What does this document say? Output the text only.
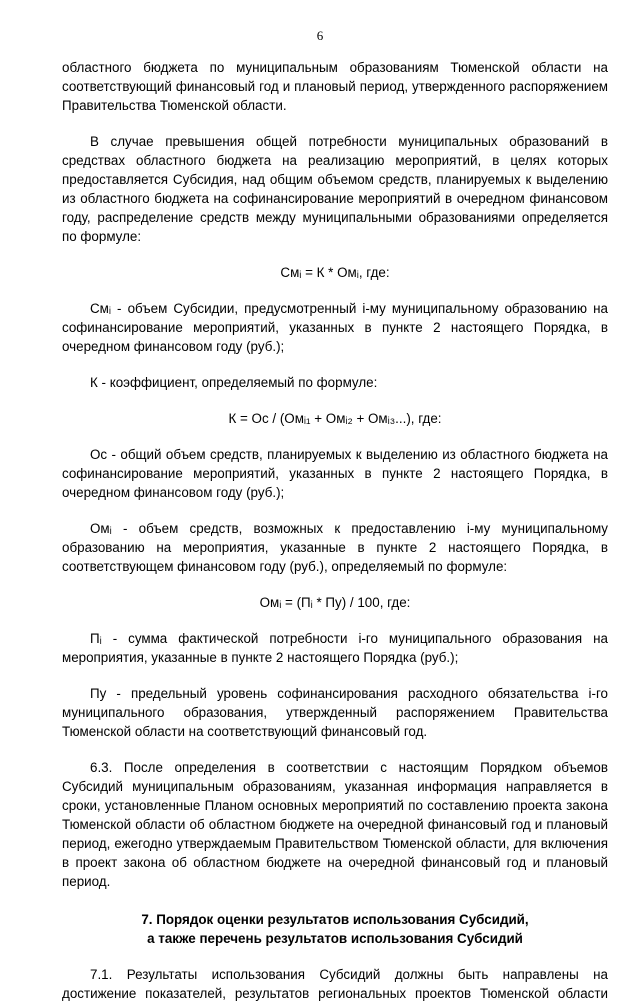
6

областного бюджета по муниципальным образованиям Тюменской области на соответствующий финансовый год и плановый период, утвержденного распоряжением Правительства Тюменской области.

В случае превышения общей потребности муниципальных образований в средствах областного бюджета на реализацию мероприятий, в целях которых предоставляется Субсидия, над общим объемом средств, планируемых к выделению из областного бюджета на софинансирование мероприятий в очередном финансовом году, распределение средств между муниципальными образованиями определяется по формуле:

Смᵢ = К * Омᵢ, где:

Смᵢ - объем Субсидии, предусмотренный i-му муниципальному образованию на софинансирование мероприятий, указанных в пункте 2 настоящего Порядка, в очередном финансовом году (руб.);

К - коэффициент, определяемый по формуле:

К = Ос / (Омᵢ₁ + Омᵢ₂ + Омᵢ₃...), где:

Ос - общий объем средств, планируемых к выделению из областного бюджета на софинансирование мероприятий, указанных в пункте 2 настоящего Порядка, в очередном финансовом году (руб.);

Омᵢ - объем средств, возможных к предоставлению i-му муниципальному образованию на мероприятия, указанные в пункте 2 настоящего Порядка, в соответствующем финансовом году (руб.), определяемый по формуле:

Омᵢ = (Пᵢ * Пу) / 100, где:

Пᵢ - сумма фактической потребности i-го муниципального образования на мероприятия, указанные в пункте 2 настоящего Порядка (руб.);

Пу - предельный уровень софинансирования расходного обязательства i-го муниципального образования, утвержденный распоряжением Правительства Тюменской области на соответствующий финансовый год.

6.3. После определения в соответствии с настоящим Порядком объемов Субсидий муниципальным образованиям, указанная информация направляется в сроки, установленные Планом основных мероприятий по составлению проекта закона Тюменской области об областном бюджете на очередной финансовый год и плановый период, ежегодно утверждаемым Правительством Тюменской области, для включения в проект закона об областном бюджете на очередной финансовый год и плановый период.

7. Порядок оценки результатов использования Субсидий,
а также перечень результатов использования Субсидий

7.1. Результаты использования Субсидий должны быть направлены на достижение показателей, результатов региональных проектов Тюменской области
